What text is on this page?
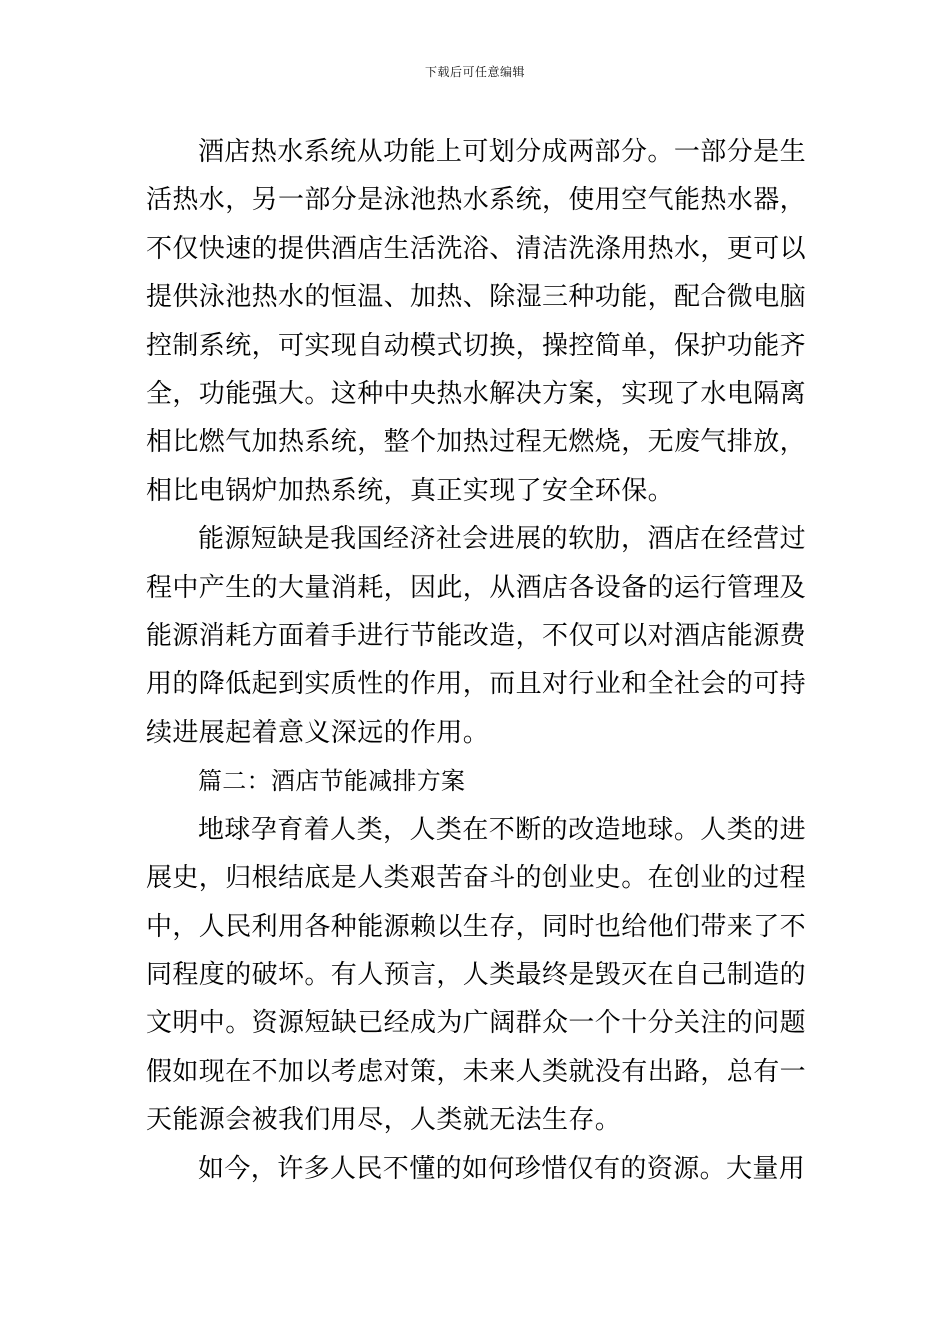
下载后可任意编辑

酒店热水系统从功能上可划分成两部分。一部分是生活热水，另一部分是泳池热水系统，使用空气能热水器，不仅快速的提供酒店生活洗浴、清洁洗涤用热水，更可以提供泳池热水的恒温、加热、除湿三种功能，配合微电脑控制系统，可实现自动模式切换，操控简单，保护功能齐全，功能强大。这种中央热水解决方案，实现了水电隔离相比燃气加热系统，整个加热过程无燃烧，无废气排放，相比电锅炉加热系统，真正实现了安全环保。

能源短缺是我国经济社会进展的软肋，酒店在经营过程中产生的大量消耗，因此，从酒店各设备的运行管理及能源消耗方面着手进行节能改造，不仅可以对酒店能源费用的降低起到实质性的作用，而且对行业和全社会的可持续进展起着意义深远的作用。

篇二：酒店节能减排方案

地球孕育着人类，人类在不断的改造地球。人类的进展史，归根结底是人类艰苦奋斗的创业史。在创业的过程中，人民利用各种能源赖以生存，同时也给他们带来了不同程度的破坏。有人预言，人类最终是毁灭在自己制造的文明中。资源短缺已经成为广阔群众一个十分关注的问题假如现在不加以考虑对策，未来人类就没有出路，总有一天能源会被我们用尽，人类就无法生存。

如今，许多人民不懂的如何珍惜仅有的资源。大量用
